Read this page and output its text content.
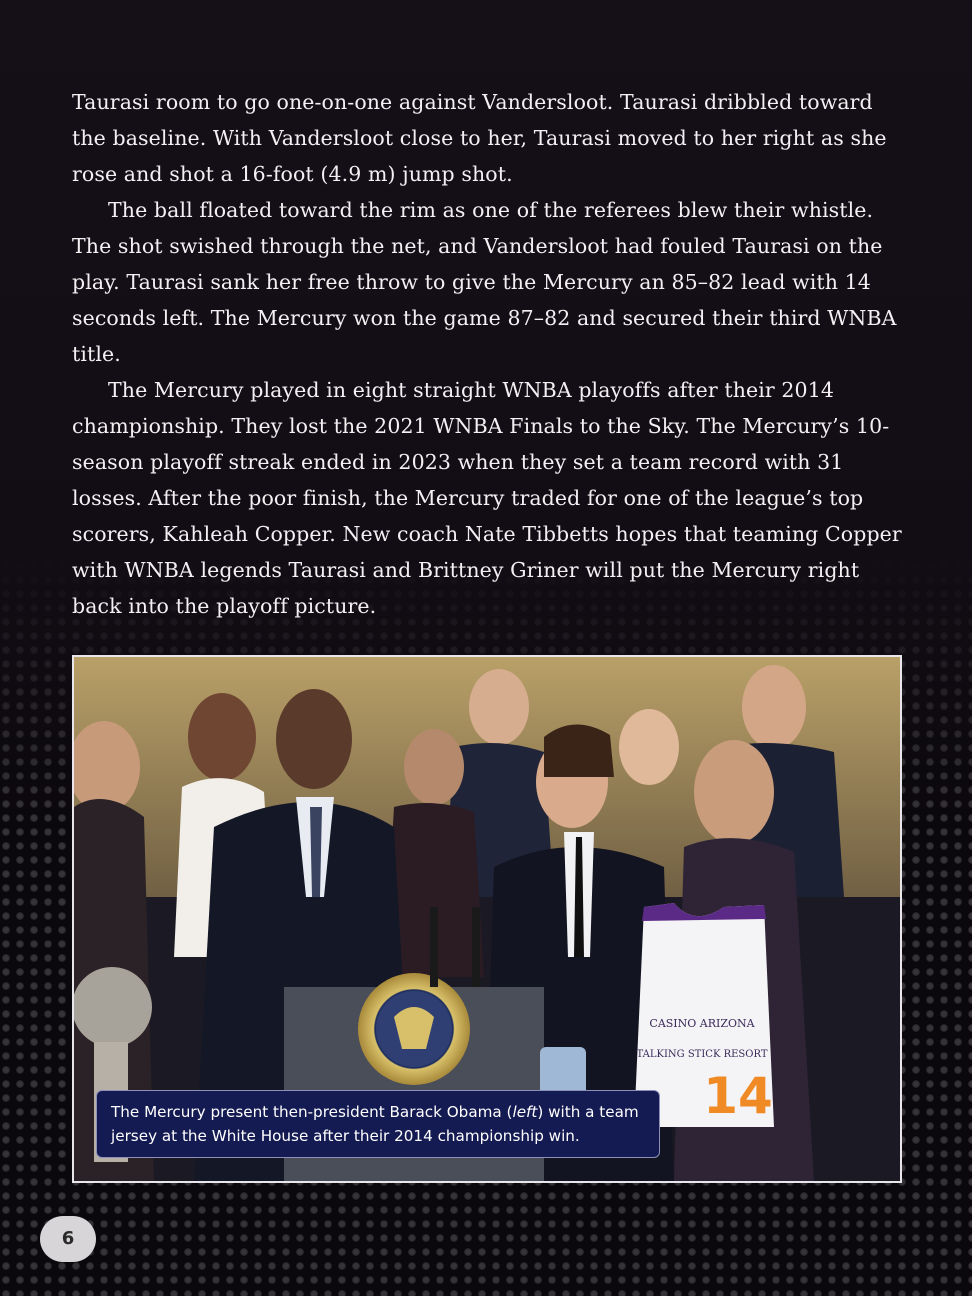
Taurasi room to go one-on-one against Vandersloot. Taurasi dribbled toward the baseline. With Vandersloot close to her, Taurasi moved to her right as she rose and shot a 16-foot (4.9 m) jump shot.

The ball floated toward the rim as one of the referees blew their whistle. The shot swished through the net, and Vandersloot had fouled Taurasi on the play. Taurasi sank her free throw to give the Mercury an 85–82 lead with 14 seconds left. The Mercury won the game 87–82 and secured their third WNBA title.

The Mercury played in eight straight WNBA playoffs after their 2014 championship. They lost the 2021 WNBA Finals to the Sky. The Mercury’s 10-season playoff streak ended in 2023 when they set a team record with 31 losses. After the poor finish, the Mercury traded for one of the league’s top scorers, Kahleah Copper. New coach Nate Tibbetts hopes that teaming Copper with WNBA legends Taurasi and Brittney Griner will put the Mercury right back into the playoff picture.

CASINO ARIZONA
TALKING STICK RESORT
14
The Mercury present then-president Barack Obama (left) with a team jersey at the White House after their 2014 championship win.
6
